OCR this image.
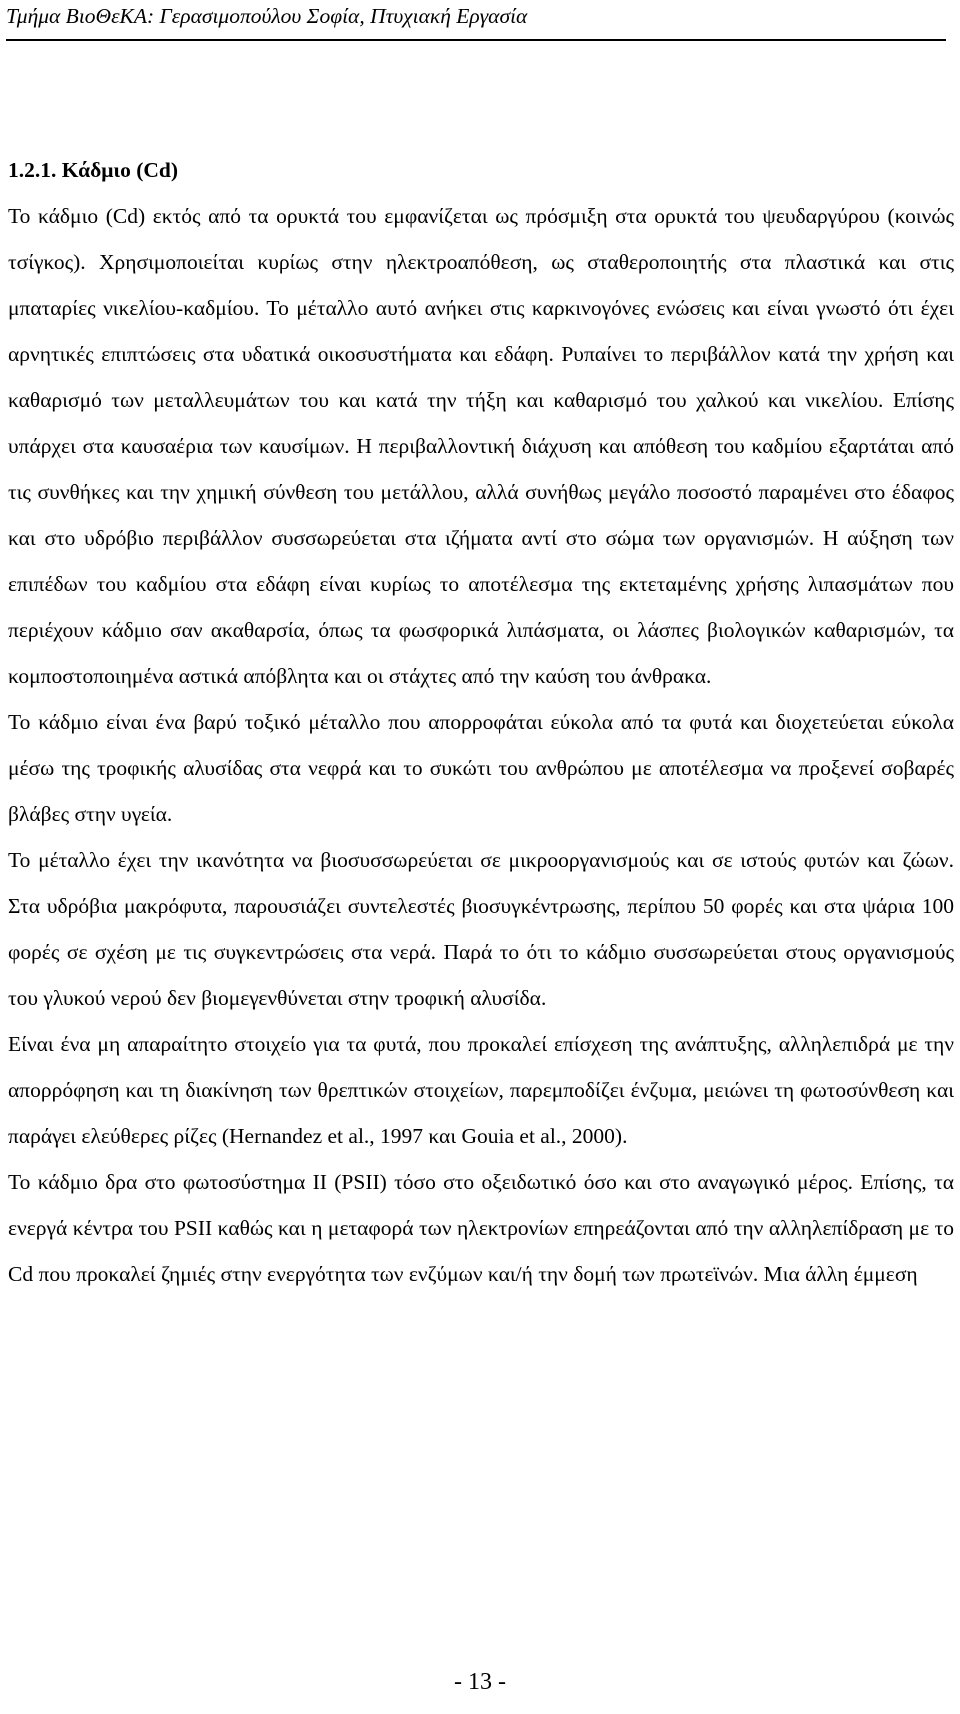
Τμήμα ΒιοΘεΚΑ: Γερασιμοπούλου Σοφία, Πτυχιακή Εργασία
1.2.1. Κάδμιο (Cd)

Το κάδμιο (Cd) εκτός από τα ορυκτά του εμφανίζεται ως πρόσμιξη στα ορυκτά του ψευδαργύρου (κοινώς τσίγκος). Χρησιμοποιείται κυρίως στην ηλεκτροαπόθεση, ως σταθεροποιητής στα πλαστικά και στις μπαταρίες νικελίου-καδμίου. Το μέταλλο αυτό ανήκει στις καρκινογόνες ενώσεις και είναι γνωστό ότι έχει αρνητικές επιπτώσεις στα υδατικά οικοσυστήματα και εδάφη. Ρυπαίνει το περιβάλλον κατά την χρήση και καθαρισμό των μεταλλευμάτων του και κατά την τήξη και καθαρισμό του χαλκού και νικελίου. Επίσης υπάρχει στα καυσαέρια των καυσίμων. Η περιβαλλοντική διάχυση και απόθεση του καδμίου εξαρτάται από τις συνθήκες και την χημική σύνθεση του μετάλλου, αλλά συνήθως μεγάλο ποσοστό παραμένει στο έδαφος και στο υδρόβιο περιβάλλον συσσωρεύεται στα ιζήματα αντί στο σώμα των οργανισμών. Η αύξηση των επιπέδων του καδμίου στα εδάφη είναι κυρίως το αποτέλεσμα της εκτεταμένης χρήσης λιπασμάτων που περιέχουν κάδμιο σαν ακαθαρσία, όπως τα φωσφορικά λιπάσματα, οι λάσπες βιολογικών καθαρισμών, τα κομποστοποιημένα αστικά απόβλητα και οι στάχτες από την καύση του άνθρακα.

Το κάδμιο είναι ένα βαρύ τοξικό μέταλλο που απορροφάται εύκολα από τα φυτά και διοχετεύεται εύκολα μέσω της τροφικής αλυσίδας στα νεφρά και το συκώτι του ανθρώπου με αποτέλεσμα να προξενεί σοβαρές βλάβες στην υγεία.

Το μέταλλο έχει την ικανότητα να βιοσυσσωρεύεται σε μικροοργανισμούς και σε ιστούς φυτών και ζώων. Στα υδρόβια μακρόφυτα, παρουσιάζει συντελεστές βιοσυγκέντρωσης, περίπου 50 φορές και στα ψάρια 100 φορές σε σχέση με τις συγκεντρώσεις στα νερά. Παρά το ότι το κάδμιο συσσωρεύεται στους οργανισμούς του γλυκού νερού δεν βιομεγενθύνεται στην τροφική αλυσίδα.

Είναι ένα μη απαραίτητο στοιχείο για τα φυτά, που προκαλεί επίσχεση της ανάπτυξης, αλληλεπιδρά με την απορρόφηση και τη διακίνηση των θρεπτικών στοιχείων, παρεμποδίζει ένζυμα, μειώνει τη φωτοσύνθεση και παράγει ελεύθερες ρίζες (Hernandez et al., 1997 και Gouia et al., 2000).

Το κάδμιο δρα στο φωτοσύστημα ΙΙ (PSII) τόσο στο οξειδωτικό όσο και στο αναγωγικό μέρος. Επίσης, τα ενεργά κέντρα του PSII καθώς και η μεταφορά των ηλεκτρονίων επηρεάζονται από την αλληλεπίδραση με το Cd που προκαλεί ζημιές στην ενεργότητα των ενζύμων και/ή την δομή των πρωτεϊνών. Μια άλλη έμμεση

- 13 -
